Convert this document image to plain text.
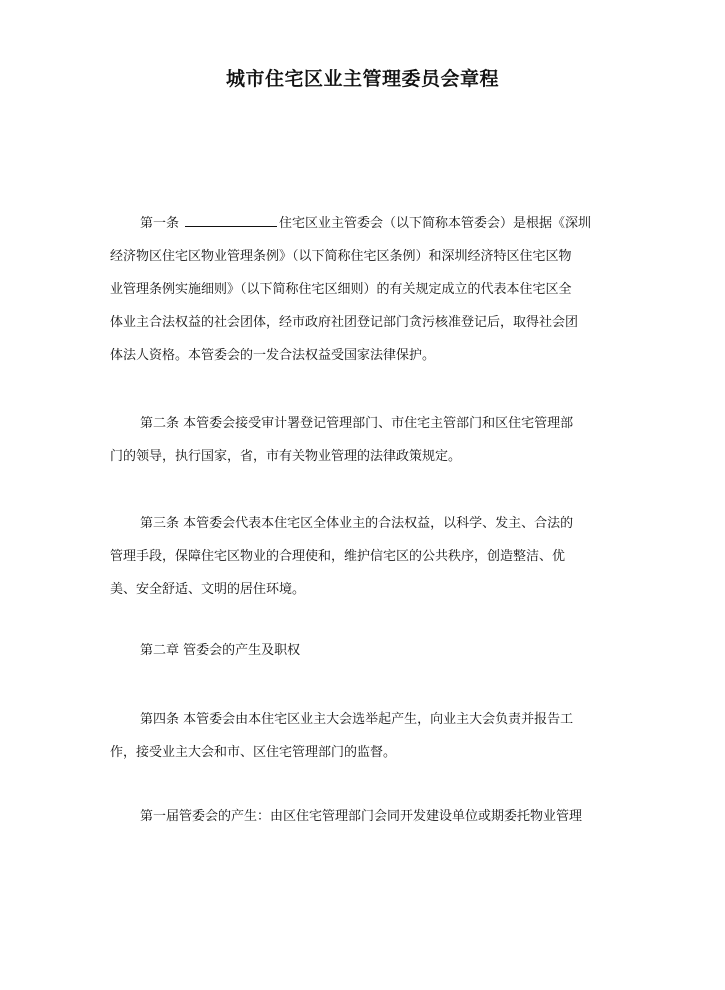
城市住宅区业主管理委员会章程
第一条	住宅区业主管委会（以下简称本管委会）是根据《深圳
经济物区住宅区物业管理条例》（以下简称住宅区条例）和深圳经济特区住宅区物
业管理条例实施细则》（以下简称住宅区细则）的有关规定成立的代表本住宅区全
体业主合法权益的社会团体，经市政府社团登记部门贪污核准登记后，取得社会团
体法人资格。本管委会的一发合法权益受国家法律保护。
第二条 本管委会接受审计署登记管理部门、市住宅主管部门和区住宅管理部
门的领导，执行国家，省，市有关物业管理的法律政策规定。
第三条 本管委会代表本住宅区全体业主的合法权益，以科学、发主、合法的
管理手段，保障住宅区物业的合理使和，维护信宅区的公共秩序，创造整洁、优
美、安全舒适、文明的居住环境。
第二章 管委会的产生及职权
第四条 本管委会由本住宅区业主大会选举起产生，向业主大会负责并报告工
作，接受业主大会和市、区住宅管理部门的监督。
第一届管委会的产生：由区住宅管理部门会同开发建设单位或期委托物业管理
